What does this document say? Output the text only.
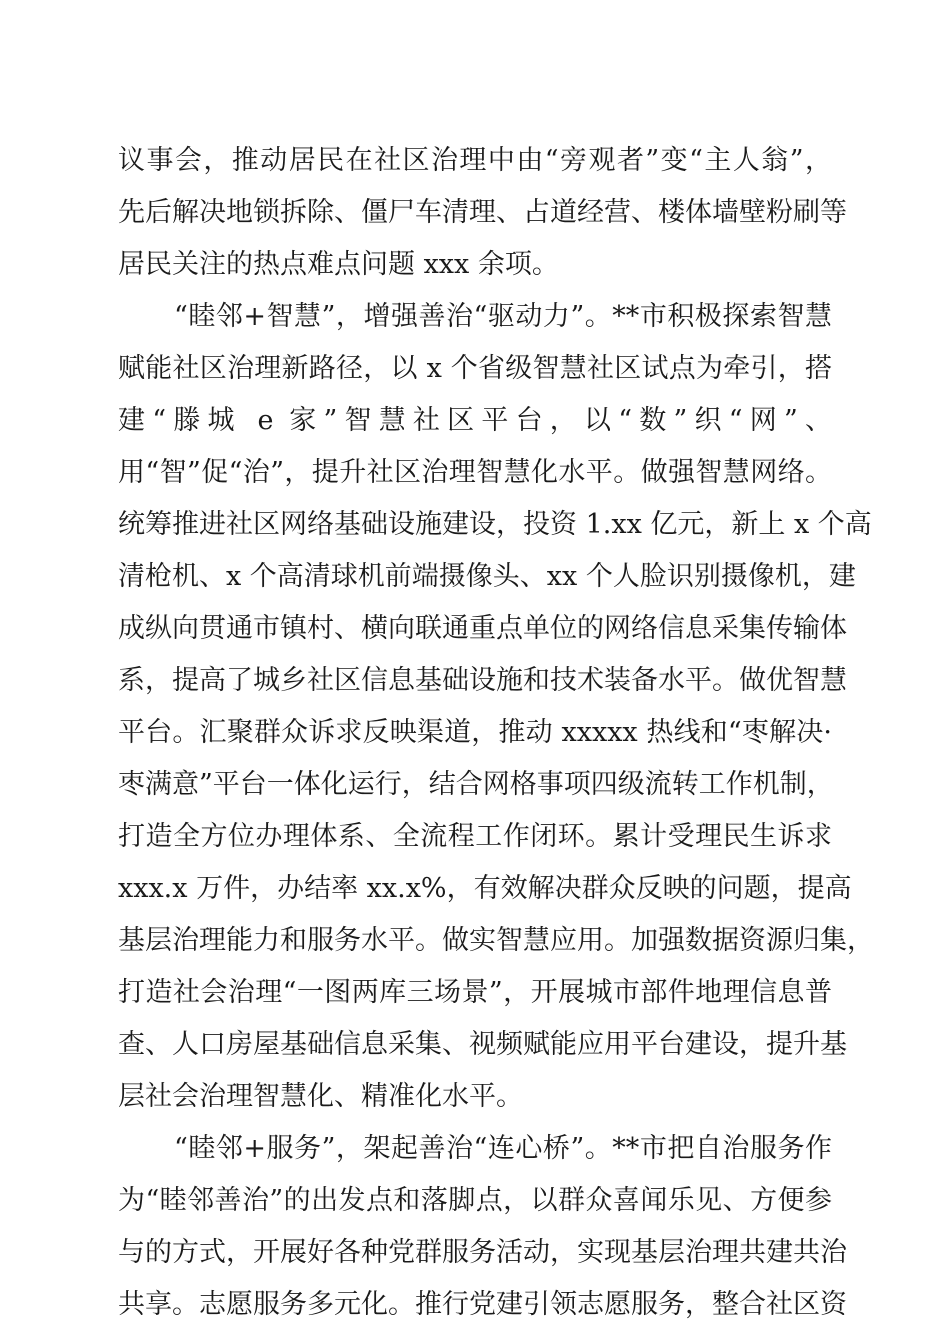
议事会，推动居民在社区治理中由“旁观者”变“主人翁”，
先后解决地锁拆除、僵尸车清理、占道经营、楼体墙壁粉刷等
居民关注的热点难点问题 xxx 余项。
“睦邻+智慧”，增强善治“驱动力”。**市积极探索智慧
赋能社区治理新路径，以 x 个省级智慧社区试点为牵引，搭
建“滕城 e 家”智慧社区平台，以“数”织“网”、
用“智”促“治”，提升社区治理智慧化水平。做强智慧网络。
统筹推进社区网络基础设施建设，投资 1.xx 亿元，新上 x 个高
清枪机、x 个高清球机前端摄像头、xx 个人脸识别摄像机，建
成纵向贯通市镇村、横向联通重点单位的网络信息采集传输体
系，提高了城乡社区信息基础设施和技术装备水平。做优智慧
平台。汇聚群众诉求反映渠道，推动 xxxxx 热线和“枣解决·
枣满意”平台一体化运行，结合网格事项四级流转工作机制，
打造全方位办理体系、全流程工作闭环。累计受理民生诉求
xxx.x 万件，办结率 xx.x%，有效解决群众反映的问题，提高
基层治理能力和服务水平。做实智慧应用。加强数据资源归集，
打造社会治理“一图两库三场景”，开展城市部件地理信息普
查、人口房屋基础信息采集、视频赋能应用平台建设，提升基
层社会治理智慧化、精准化水平。
“睦邻+服务”，架起善治“连心桥”。**市把自治服务作
为“睦邻善治”的出发点和落脚点，以群众喜闻乐见、方便参
与的方式，开展好各种党群服务活动，实现基层治理共建共治
共享。志愿服务多元化。推行党建引领志愿服务，整合社区资
